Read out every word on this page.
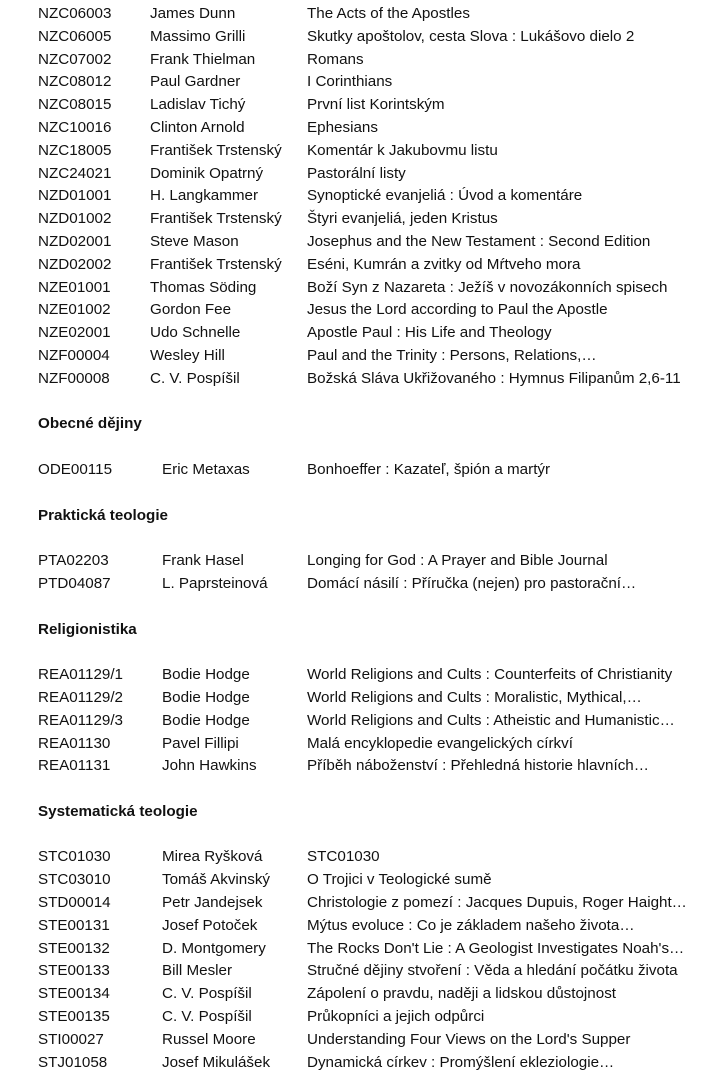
NZC06003	James Dunn	The Acts of the Apostles
NZC06005	Massimo Grilli	Skutky apoštolov, cesta Slova : Lukášovo dielo 2
NZC07002	Frank Thielman	Romans
NZC08012	Paul Gardner	I Corinthians
NZC08015	Ladislav Tichý	První list Korintským
NZC10016	Clinton Arnold	Ephesians
NZC18005	František Trstenský	Komentár k Jakubovmu listu
NZC24021	Dominik Opatrný	Pastorální listy
NZD01001	H. Langkammer	Synoptické evanjeliá : Úvod a komentáre
NZD01002	František Trstenský	Štyri evanjeliá, jeden Kristus
NZD02001	Steve Mason	Josephus and the New Testament : Second Edition
NZD02002	František Trstenský	Eséni, Kumrán a zvitky od Mŕtveho mora
NZE01001	Thomas Söding	Boží Syn z Nazareta : Ježíš v novozákonních spisech
NZE01002	Gordon Fee	Jesus the Lord according to Paul the Apostle
NZE02001	Udo Schnelle	Apostle Paul : His Life and Theology
NZF00004	Wesley Hill	Paul and the Trinity : Persons, Relations,…
NZF00008	C. V. Pospíšil	Božská Sláva Ukřižovaného : Hymnus Filipanům 2,6-11
Obecné dějiny
ODE00115	Eric Metaxas	Bonhoeffer : Kazateľ, špión a martýr
Praktická teologie
PTA02203	Frank Hasel	Longing for God : A Prayer and Bible Journal
PTD04087	L. Paprsteinová	Domácí násilí : Příručka (nejen) pro pastorační…
Religionistika
REA01129/1	Bodie Hodge	World Religions and Cults : Counterfeits of Christianity
REA01129/2	Bodie Hodge	World Religions and Cults : Moralistic, Mythical,…
REA01129/3	Bodie Hodge	World Religions and Cults : Atheistic and Humanistic…
REA01130	Pavel Fillipi	Malá encyklopedie evangelických církví
REA01131	John Hawkins	Příběh náboženství : Přehledná historie hlavních…
Systematická teologie
STC01030	Mirea Ryšková	STC01030
STC03010	Tomáš Akvinský	O Trojici v Teologické sumě
STD00014	Petr Jandejsek	Christologie z pomezí : Jacques Dupuis, Roger Haight…
STE00131	Josef Potoček	Mýtus evoluce : Co je základem našeho života…
STE00132	D. Montgomery	The Rocks Don't Lie : A Geologist Investigates Noah's…
STE00133	Bill Mesler	Stručné dějiny stvoření : Věda a hledání počátku života
STE00134	C. V. Pospíšil	Zápolení o pravdu, naději a lidskou důstojnost
STE00135	C. V. Pospíšil	Průkopníci a jejich odpůrci
STI00027	Russel Moore	Understanding Four Views on the Lord's Supper
STJ01058	Josef Mikulášek	Dynamická církev : Promýšlení ekleziologie…
